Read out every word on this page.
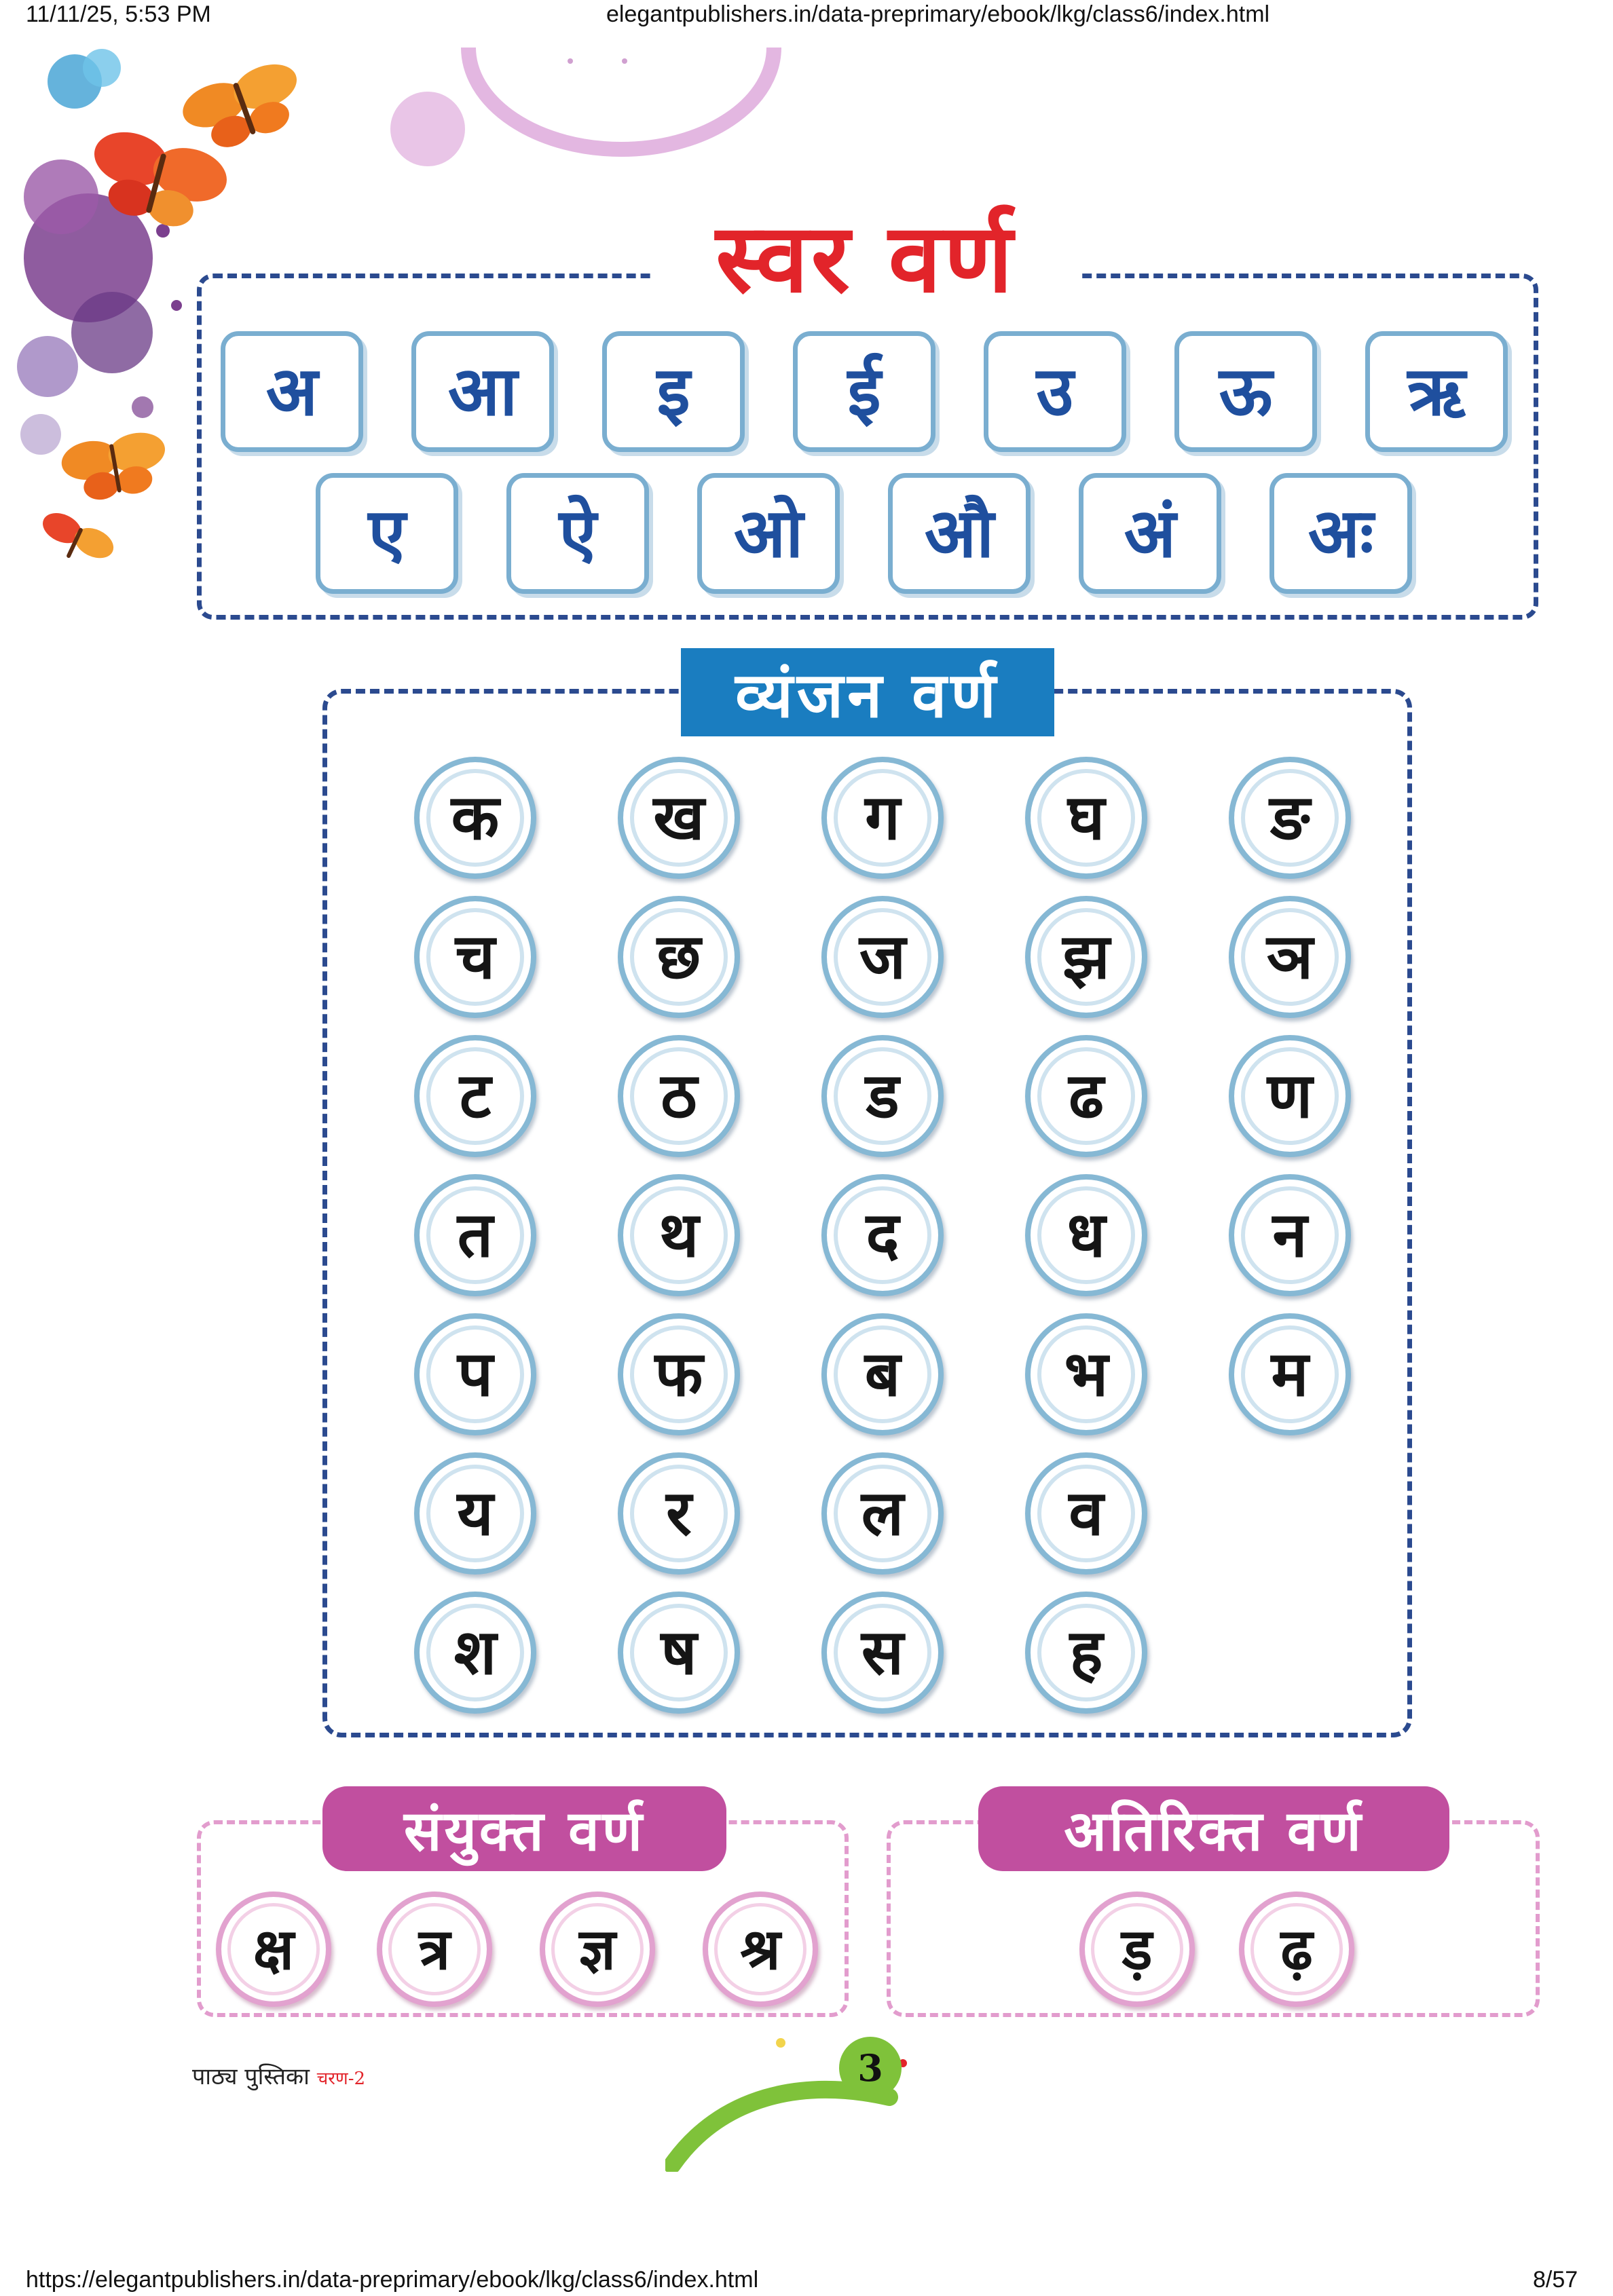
11/11/25, 5:53 PM	elegantpublishers.in/data-preprimary/ebook/lkg/class6/index.html
स्वर वर्ण
अ	आ	इ	ई	उ	ऊ	ऋ
ए	ऐ	ओ	औ	अं	अः
व्यंजन वर्ण
क	ख	ग	घ	ङ
च	छ	ज	झ	ञ
ट	ठ	ड	ढ	ण
त	थ	द	ध	न
प	फ	ब	भ	म
य	र	ल	व
श	ष	स	ह
संयुक्त वर्ण
क्ष	त्र	ज्ञ	श्र
अतिरिक्त वर्ण
ड़	ढ़
पाठ्य पुस्तिका चरण-2	3
https://elegantpublishers.in/data-preprimary/ebook/lkg/class6/index.html	8/57
